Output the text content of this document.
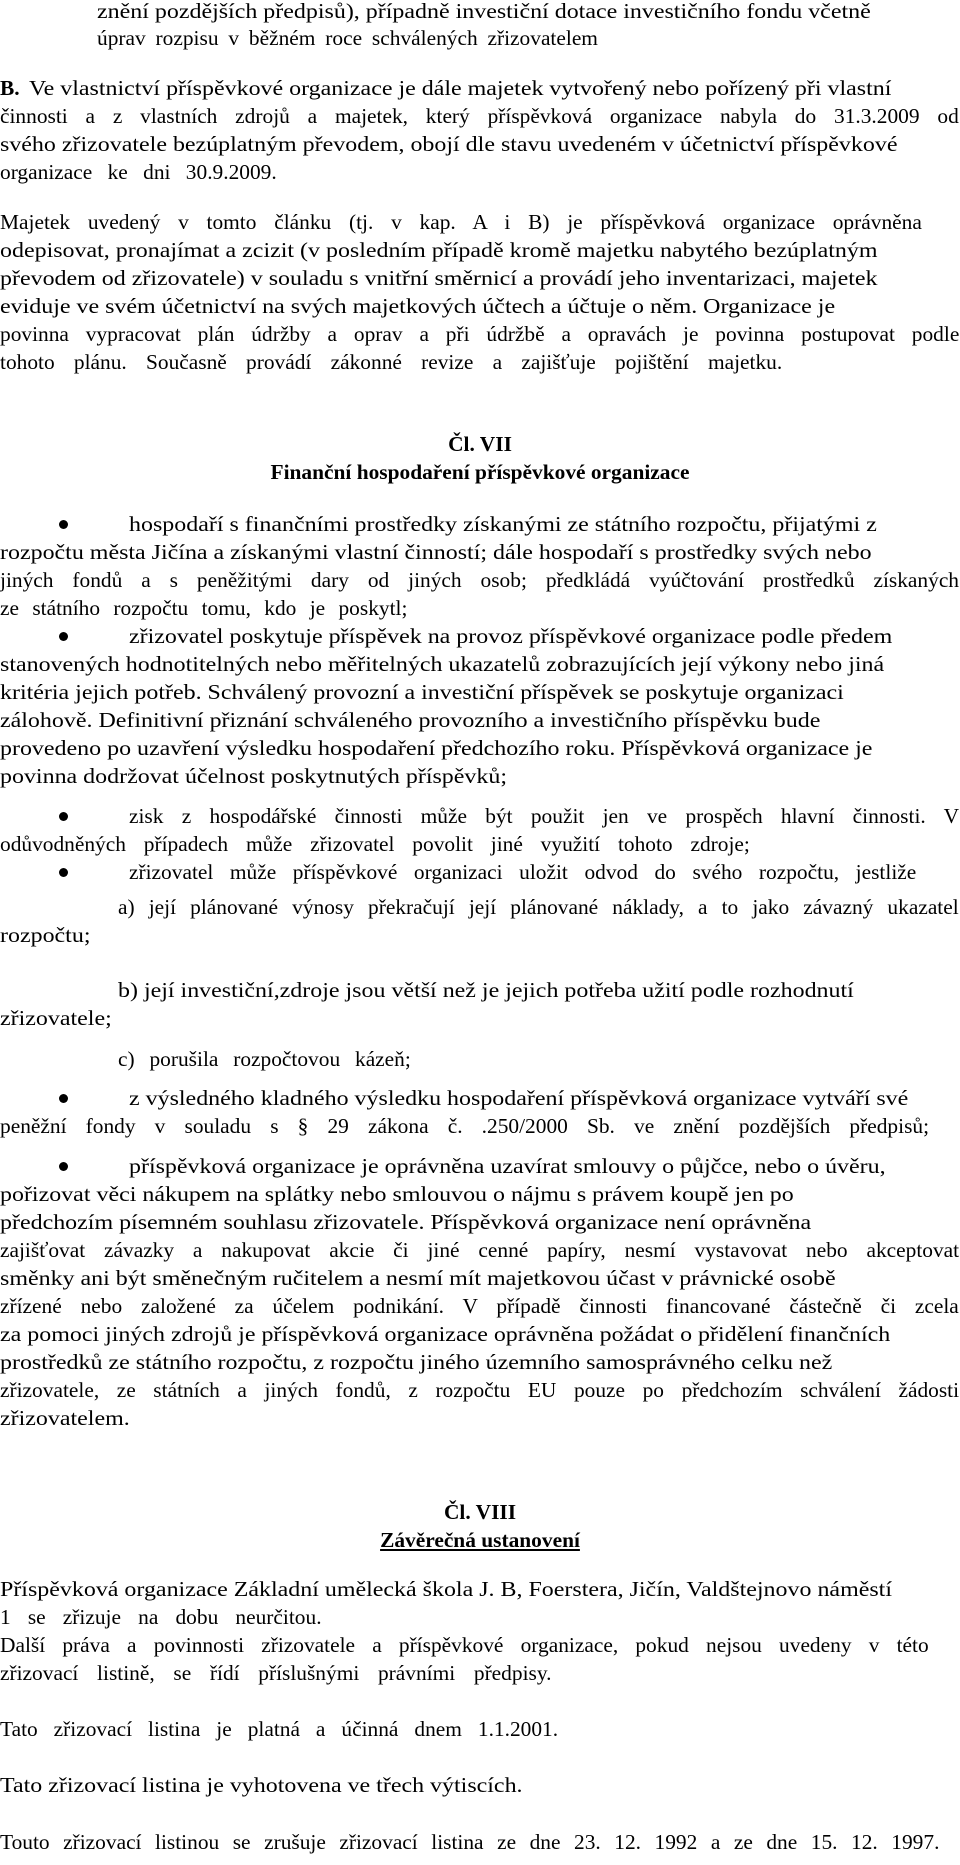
znění pozdějších předpisů), případně investiční dotace investičního fondu včetně
úprav rozpisu v běžném roce schválených zřizovatelem
B. Ve vlastnictví příspěvkové organizace je dále majetek vytvořený nebo pořízený při vlastní
činnosti a z vlastních zdrojů a majetek, který příspěvková organizace nabyla do 31.3.2009 od
svého zřizovatele bezúplatným převodem, obojí dle stavu uvedeném v účetnictví příspěvkové
organizace ke dni 30.9.2009.
Majetek uvedený v tomto článku (tj. v kap. A i B) je příspěvková organizace oprávněna
odepisovat, pronajímat a zcizit (v posledním případě kromě majetku nabytého bezúplatným
převodem od zřizovatele) v souladu s vnitřní směrnicí a provádí jeho inventarizaci, majetek
eviduje ve svém účetnictví na svých majetkových účtech a účtuje o něm. Organizace je
povinna vypracovat plán údržby a oprav a při údržbě a opravách je povinna postupovat podle
tohoto plánu. Současně provádí zákonné revize a zajišťuje pojištění majetku.
Čl. VII
Finanční hospodaření příspěvkové organizace
hospodaří s finančními prostředky získanými ze státního rozpočtu, přijatými z
rozpočtu města Jičína a získanými vlastní činností; dále hospodaří s prostředky svých nebo
jiných fondů a s peněžitými dary od jiných osob; předkládá vyúčtování prostředků získaných
ze státního rozpočtu tomu, kdo je poskytl;
zřizovatel poskytuje příspěvek na provoz příspěvkové organizace podle předem
stanovených hodnotitelných nebo měřitelných ukazatelů zobrazujících její výkony nebo jiná
kritéria jejich potřeb. Schválený provozní a investiční příspěvek se poskytuje organizaci
zálohově. Definitivní přiznání schváleného provozního a investičního příspěvku bude
provedeno po uzavření výsledku hospodaření předchozího roku. Příspěvková organizace je
povinna dodržovat účelnost poskytnutých příspěvků;
zisk z hospodářské činnosti může být použit jen ve prospěch hlavní činnosti. V
odůvodněných případech může zřizovatel povolit jiné využití tohoto zdroje;
zřizovatel může příspěvkové organizaci uložit odvod do svého rozpočtu, jestliže
a) její plánované výnosy překračují její plánované náklady, a to jako závazný ukazatel
rozpočtu;
b) její investiční,zdroje jsou větší než je jejich potřeba užití podle rozhodnutí
zřizovatele;
c) porušila rozpočtovou kázeň;
z výsledného kladného výsledku hospodaření příspěvková organizace vytváří své
peněžní fondy v souladu s § 29 zákona č. .250/2000 Sb. ve znění pozdějších předpisů;
příspěvková organizace je oprávněna uzavírat smlouvy o půjčce, nebo o úvěru,
pořizovat věci nákupem na splátky nebo smlouvou o nájmu s právem koupě jen po
předchozím písemném souhlasu zřizovatele. Příspěvková organizace není oprávněna
zajišťovat závazky a nakupovat akcie či jiné cenné papíry, nesmí vystavovat nebo akceptovat
směnky ani být směnečným ručitelem a nesmí mít majetkovou účast v právnické osobě
zřízené nebo založené za účelem podnikání. V případě činnosti financované částečně či zcela
za pomoci jiných zdrojů je příspěvková organizace oprávněna požádat o přidělení finančních
prostředků ze státního rozpočtu, z rozpočtu jiného územního samosprávného celku než
zřizovatele, ze státních a jiných fondů, z rozpočtu EU pouze po předchozím schválení žádosti
zřizovatelem.
Čl. VIII
Závěrečná ustanovení
Příspěvková organizace Základní umělecká škola J. B, Foerstera, Jičín, Valdštejnovo náměstí
1 se zřizuje na dobu neurčitou.
Další práva a povinnosti zřizovatele a příspěvkové organizace, pokud nejsou uvedeny v této
zřizovací listině, se řídí příslušnými právními předpisy.
Tato zřizovací listina je platná a účinná dnem 1.1.2001.
Tato zřizovací listina je vyhotovena ve třech výtiscích.
Touto zřizovací listinou se zrušuje zřizovací listina ze dne 23. 12. 1992 a ze dne 15. 12. 1997.
